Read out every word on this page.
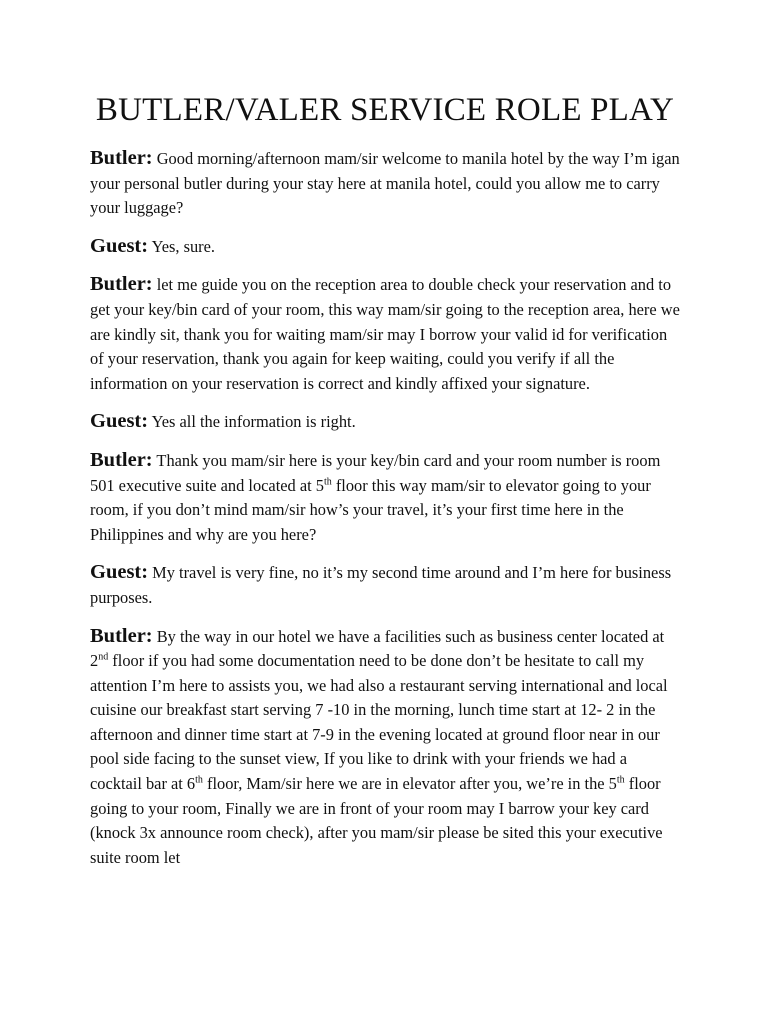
BUTLER/VALER SERVICE ROLE PLAY

Butler: Good morning/afternoon mam/sir welcome to manila hotel by the way I’m igan your personal butler during your stay here at manila hotel, could you allow me to carry your luggage?

Guest: Yes, sure.

Butler: let me guide you on the reception area to double check your reservation and to get your key/bin card of your room, this way mam/sir going to the reception area, here we are kindly sit, thank you for waiting mam/sir may I borrow your valid id for verification of your reservation, thank you again for keep waiting, could you verify if all the information on your reservation is correct and kindly affixed your signature.

Guest: Yes all the information is right.

Butler: Thank you mam/sir here is your key/bin card and your room number is room 501 executive suite and located at 5th floor this way mam/sir to elevator going to your room, if you don’t mind mam/sir how’s your travel, it’s your first time here in the Philippines and why are you here?

Guest: My travel is very fine, no it’s my second time around and I’m here for business purposes.

Butler: By the way in our hotel we have a facilities such as business center located at 2nd floor if you had some documentation need to be done don’t be hesitate to call my attention I’m here to assists you, we had also a restaurant serving international and local cuisine our breakfast start serving 7 -10 in the morning, lunch time start at 12- 2 in the afternoon and dinner time start at 7-9 in the evening located at ground floor near in our pool side facing to the sunset view, If you like to drink with your friends we had a cocktail bar at 6th floor, Mam/sir here we are in elevator after you, we’re in the 5th floor going to your room, Finally we are in front of your room may I barrow your key card (knock 3x announce room check), after you mam/sir please be sited this your executive suite room let
